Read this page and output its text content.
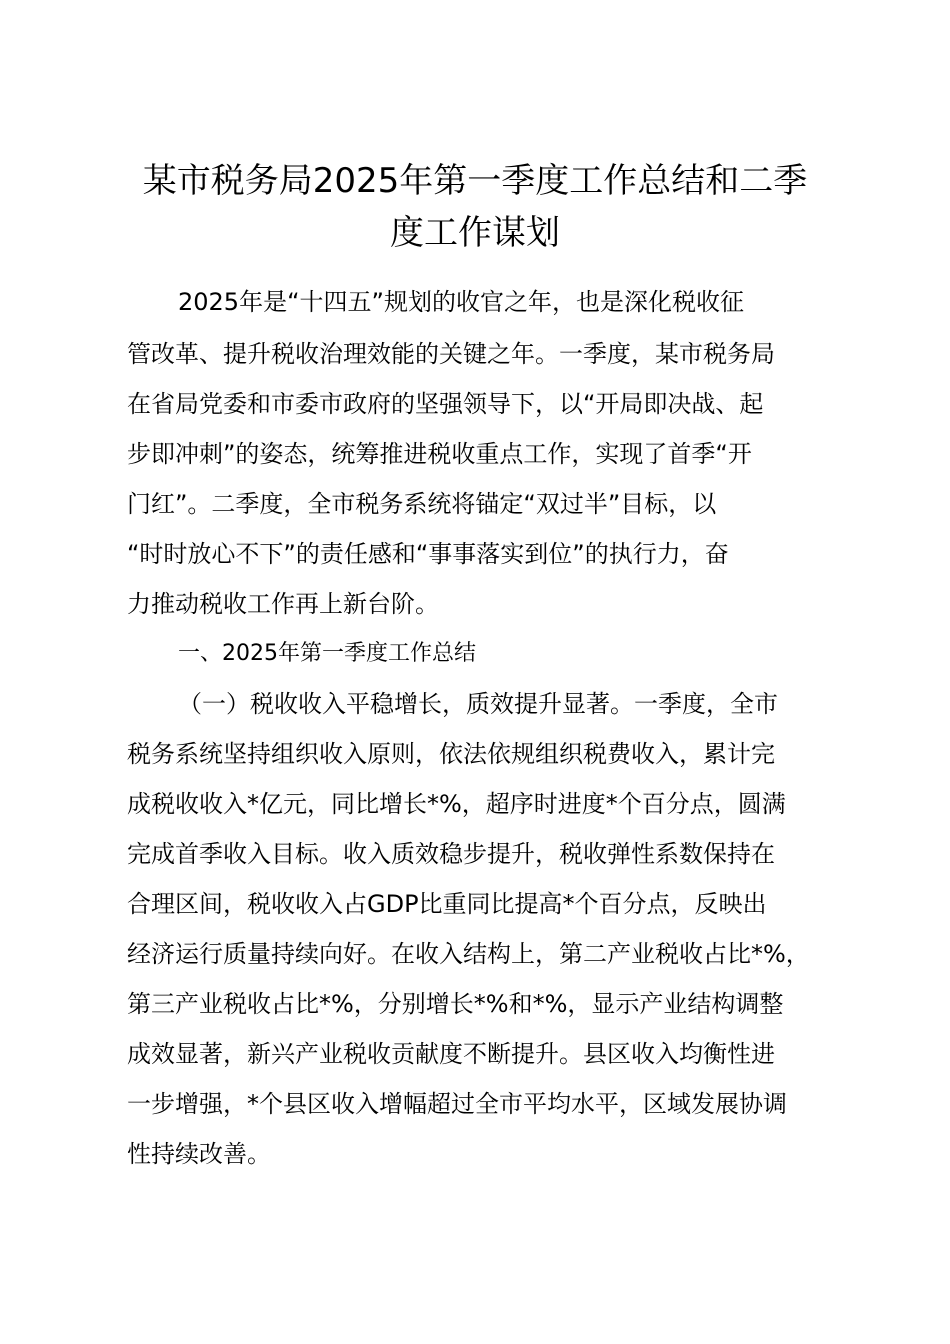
某市税务局2025年第一季度工作总结和二季
度工作谋划

2025年是“十四五”规划的收官之年，也是深化税收征

管改革、提升税收治理效能的关键之年。一季度，某市税务局

在省局党委和市委市政府的坚强领导下，以“开局即决战、起

步即冲刺”的姿态，统筹推进税收重点工作，实现了首季“开

门红”。二季度，全市税务系统将锚定“双过半”目标，以

“时时放心不下”的责任感和“事事落实到位”的执行力，奋

力推动税收工作再上新台阶。

一、2025年第一季度工作总结

（一）税收收入平稳增长，质效提升显著。一季度，全市

税务系统坚持组织收入原则，依法依规组织税费收入，累计完

成税收收入*亿元，同比增长*%，超序时进度*个百分点，圆满

完成首季收入目标。收入质效稳步提升，税收弹性系数保持在

合理区间，税收收入占GDP比重同比提高*个百分点，反映出

经济运行质量持续向好。在收入结构上，第二产业税收占比*%，

第三产业税收占比*%，分别增长*%和*%，显示产业结构调整

成效显著，新兴产业税收贡献度不断提升。县区收入均衡性进

一步增强，*个县区收入增幅超过全市平均水平，区域发展协调

性持续改善。
